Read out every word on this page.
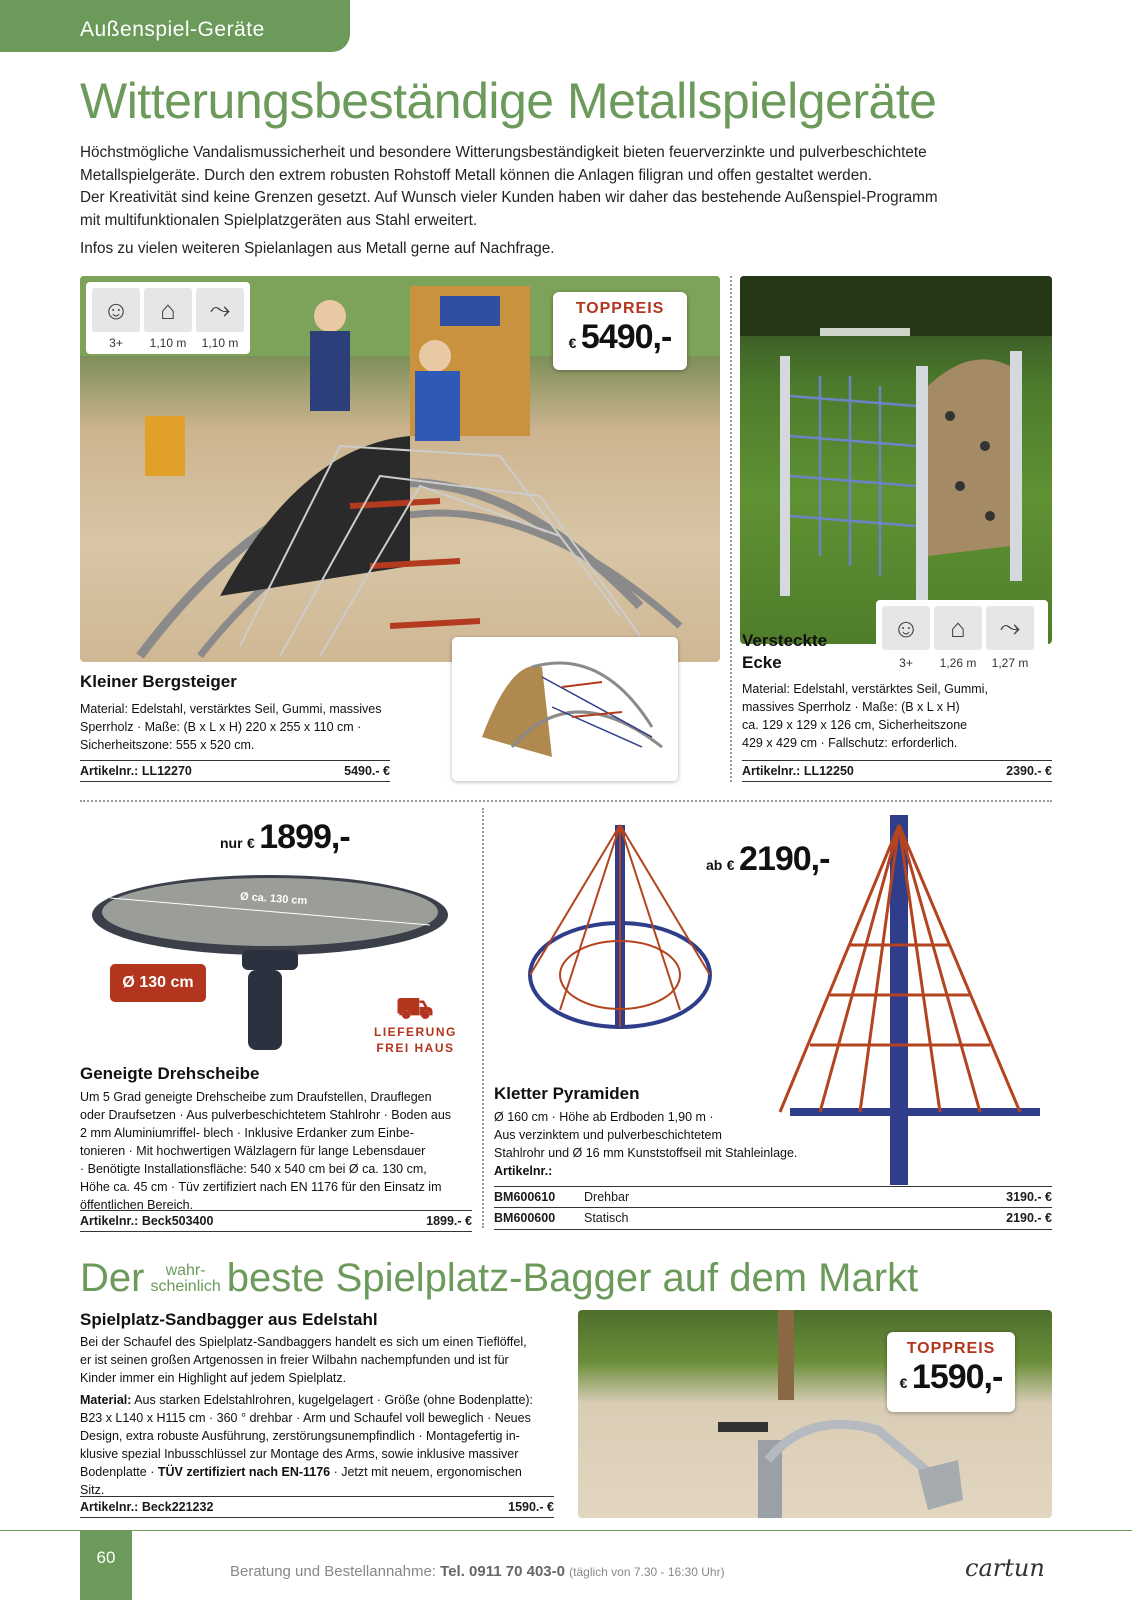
Außenspiel-Geräte
Witterungsbeständige Metallspielgeräte

Höchstmögliche Vandalismussicherheit und besondere Witterungsbeständigkeit bieten feuerverzinkte und pulverbeschichtete

Metallspielgeräte. Durch den extrem robusten Rohstoff Metall können die Anlagen filigran und offen gestaltet werden.

Der Kreativität sind keine Grenzen gesetzt. Auf Wunsch vieler Kunden haben wir daher das bestehende Außenspiel-Programm

mit multifunktionalen Spielplatzgeräten aus Stahl erweitert.

Infos zu vielen weiteren Spielanlagen aus Metall gerne auf Nachfrage.

☺	⌂	⤳
3+	1,10 m	1,10 m
TOPPREIS
€ 5490,-
Kleiner Bergsteiger
Material: Edelstahl, verstärktes Seil, Gummi, massives
Sperrholz · Maße: (B x L x H) 220 x 255 x 110 cm ·
Sicherheitszone: 555 x 520 cm.
Artikelnr.: LL12270	5490.- €
☺	⌂	⤳
3+	1,26 m	1,27 m
Versteckte
Ecke
Material: Edelstahl, verstärktes Seil, Gummi,
massives Sperrholz · Maße: (B x L x H)
ca. 129 x 129 x 126 cm, Sicherheitszone
429 x 429 cm · Fallschutz: erforderlich.
Artikelnr.: LL12250	2390.- €
nur € 1899,-
Ø ca. 130 cm
Ø 130 cm
⛟
LIEFERUNG
FREI HAUS
Geneigte Drehscheibe
Um 5 Grad geneigte Drehscheibe zum Draufstellen, Drauflegen
oder Draufsetzen · Aus pulverbeschichtetem Stahlrohr · Boden aus
2 mm Aluminiumriffel- blech · Inklusive Erdanker zum Einbe-
tonieren · Mit hochwertigen Wälzlagern für lange Lebensdauer
· Benötigte Installationsfläche: 540 x 540 cm bei Ø ca. 130 cm,
Höhe ca. 45 cm · Tüv zertifiziert nach EN 1176 für den Einsatz im
öffentlichen Bereich.
Artikelnr.: Beck503400	1899.- €
ab € 2190,-
Kletter Pyramiden
Ø 160 cm · Höhe ab Erdboden 1,90 m ·
Aus verzinktem und pulverbeschichtetem
Stahlrohr und Ø 16 mm Kunststoffseil mit Stahleinlage.
Artikelnr.:
BM600610 Drehbar	3190.- €
BM600600 Statisch	2190.- €
Der	wahr-
scheinlich beste Spielplatz-Bagger auf dem Markt
Spielplatz-Sandbagger aus Edelstahl
Bei der Schaufel des Spielplatz-Sandbaggers handelt es sich um einen Tieflöffel,
er ist seinen großen Artgenossen in freier Wilbahn nachempfunden und ist für
Kinder immer ein Highlight auf jedem Spielplatz.
Material: Aus starken Edelstahlrohren, kugelgelagert · Größe (ohne Bodenplatte):
B23 x L140 x H115 cm · 360 ° drehbar · Arm und Schaufel voll beweglich · Neues
Design, extra robuste Ausführung, zerstörungsunempfindlich · Montagefertig in-
klusive spezial Inbusschlüssel zur Montage des Arms, sowie inklusive massiver
Bodenplatte · TÜV zertifiziert nach EN-1176 · Jetzt mit neuem, ergonomischen
Sitz.
Artikelnr.: Beck221232	1590.- €
TOPPREIS
€ 1590,-
60
Beratung und Bestellannahme: Tel. 0911 70 403-0 (täglich von 7.30 - 16:30 Uhr)	cartun
